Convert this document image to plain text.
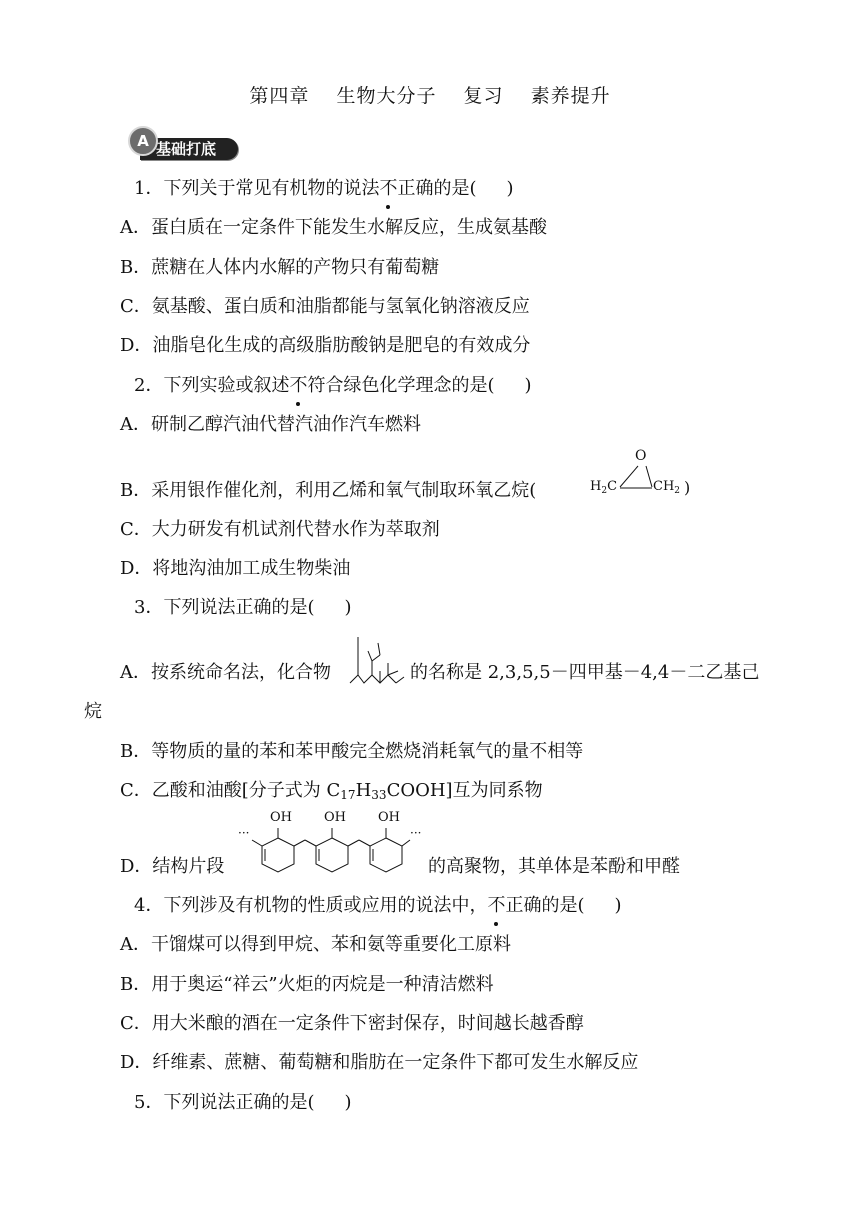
第四章 生物大分子 复习 素养提升
基础打底
A
1．下列关于常见有机物的说法不正确的是( )
A．蛋白质在一定条件下能发生水解反应，生成氨基酸
B．蔗糖在人体内水解的产物只有葡萄糖
C．氨基酸、蛋白质和油脂都能与氢氧化钠溶液反应
D．油脂皂化生成的高级脂肪酸钠是肥皂的有效成分
2．下列实验或叙述不符合绿色化学理念的是( )
A．研制乙醇汽油代替汽油作汽车燃料
B．采用银作催化剂，利用乙烯和氧气制取环氧乙烷(
O
$H_2C$	$CH_2$ )
C．大力研发有机试剂代替水作为萃取剂
D．将地沟油加工成生物柴油
3．下列说法正确的是( )
A．按系统命名法，化合物	的名称是 2,3,5,5－四甲基－4,4－二乙基己
烷
B．等物质的量的苯和苯甲酸完全燃烧消耗氧气的量不相等
C．乙酸和油酸[分子式为 $C_{17}H_{33}COOH$]互为同系物
D．结构片段
OH OH OH
···	···
的高聚物，其单体是苯酚和甲醛
4．下列涉及有机物的性质或应用的说法中，不正确的是( )
A．干馏煤可以得到甲烷、苯和氨等重要化工原料
B．用于奥运“祥云”火炬的丙烷是一种清洁燃料
C．用大米酿的酒在一定条件下密封保存，时间越长越香醇
D．纤维素、蔗糖、葡萄糖和脂肪在一定条件下都可发生水解反应
5．下列说法正确的是( )
